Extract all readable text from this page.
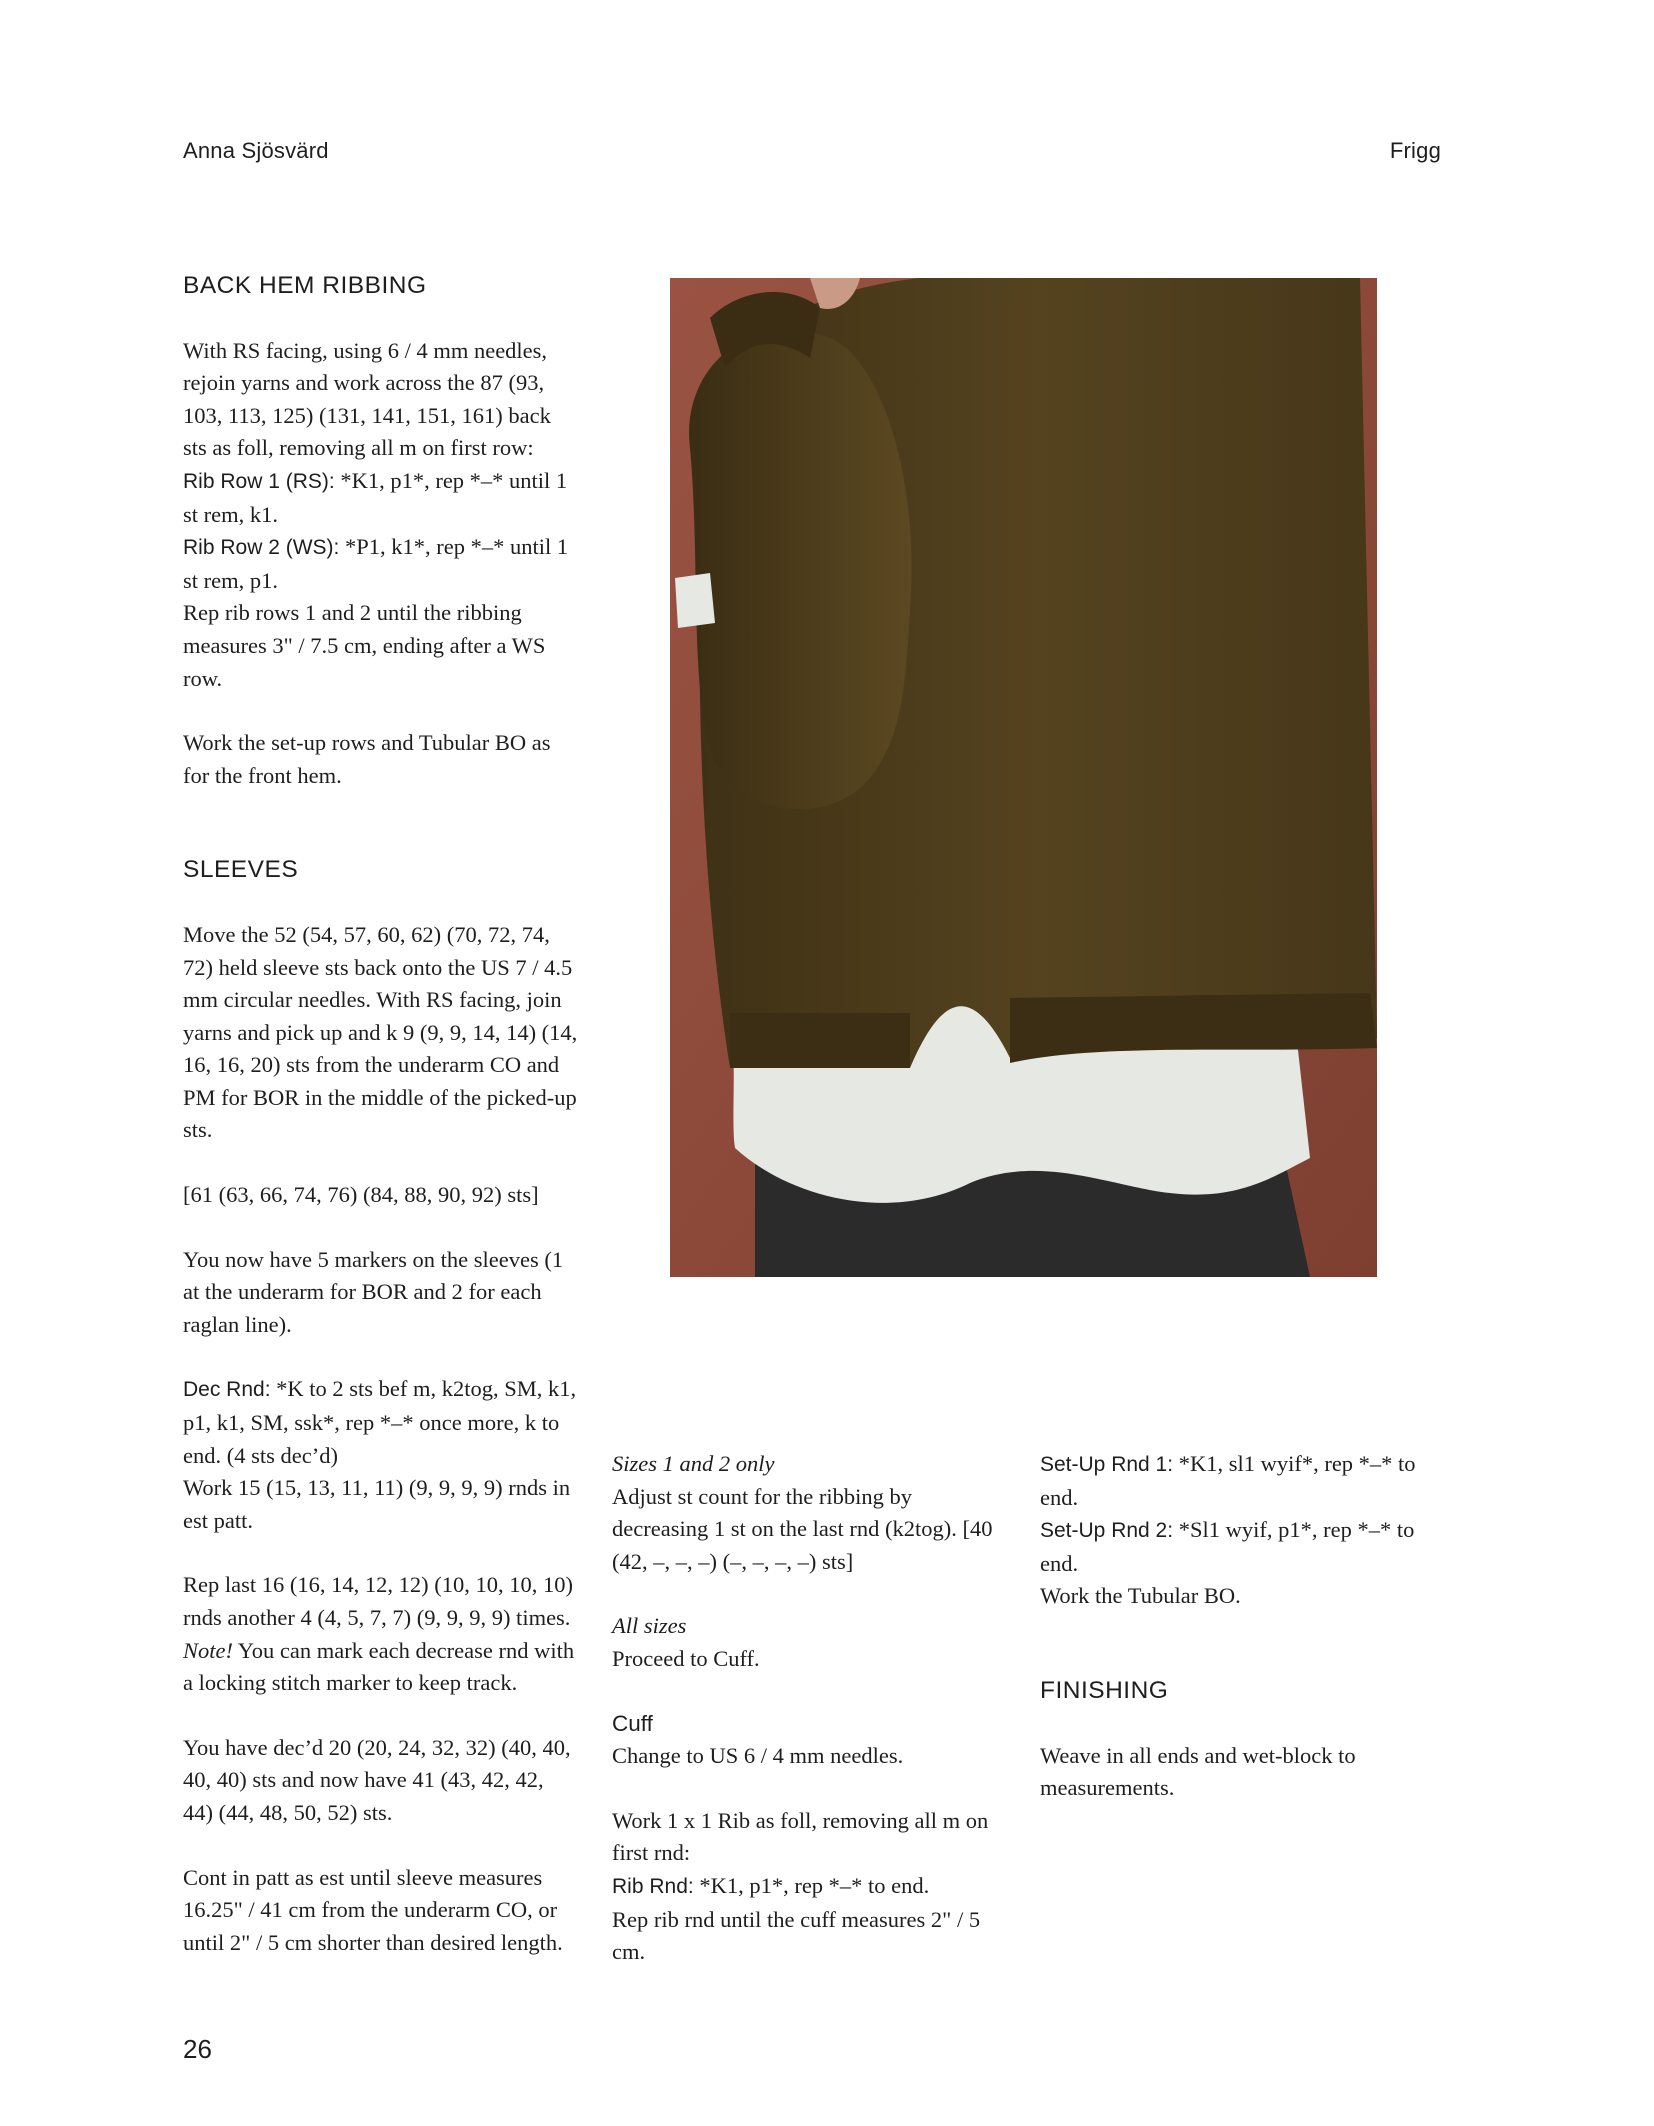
Anna Sjösvärd	Frigg

BACK HEM RIBBING

With RS facing, using 6 / 4 mm needles, rejoin yarns and work across the 87 (93, 103, 113, 125) (131, 141, 151, 161) back sts as foll, removing all m on first row:

Rib Row 1 (RS): *K1, p1*, rep *–* until 1 st rem, k1.

Rib Row 2 (WS): *P1, k1*, rep *–* until 1 st rem, p1.

Rep rib rows 1 and 2 until the ribbing measures 3" / 7.5 cm, ending after a WS row.

Work the set-up rows and Tubular BO as for the front hem.

SLEEVES

Move the 52 (54, 57, 60, 62) (70, 72, 74, 72) held sleeve sts back onto the US 7 / 4.5 mm circular needles. With RS facing, join yarns and pick up and k 9 (9, 9, 14, 14) (14, 16, 16, 20) sts from the underarm CO and PM for BOR in the middle of the picked-up sts.

[61 (63, 66, 74, 76) (84, 88, 90, 92) sts]

You now have 5 markers on the sleeves (1 at the underarm for BOR and 2 for each raglan line).

Dec Rnd: *K to 2 sts bef m, k2tog, SM, k1, p1, k1, SM, ssk*, rep *–* once more, k to end. (4 sts dec’d)

Work 15 (15, 13, 11, 11) (9, 9, 9, 9) rnds in est patt.

Rep last 16 (16, 14, 12, 12) (10, 10, 10, 10) rnds another 4 (4, 5, 7, 7) (9, 9, 9, 9) times. Note! You can mark each decrease rnd with a locking stitch marker to keep track.

You have dec’d 20 (20, 24, 32, 32) (40, 40, 40, 40) sts and now have 41 (43, 42, 42, 44) (44, 48, 50, 52) sts.

Cont in patt as est until sleeve measures 16.25" / 41 cm from the underarm CO, or until 2" / 5 cm shorter than desired length.

Sizes 1 and 2 only

Adjust st count for the ribbing by decreasing 1 st on the last rnd (k2tog). [40 (42, –, –, –) (–, –, –, –) sts]

All sizes

Proceed to Cuff.

Cuff

Change to US 6 / 4 mm needles.

Work 1 x 1 Rib as foll, removing all m on first rnd:

Rib Rnd: *K1, p1*, rep *–* to end.

Rep rib rnd until the cuff measures 2" / 5 cm.

Set-Up Rnd 1: *K1, sl1 wyif*, rep *–* to end.

Set-Up Rnd 2: *Sl1 wyif, p1*, rep *–* to end.

Work the Tubular BO.

FINISHING

Weave in all ends and wet-block to measurements.

26
